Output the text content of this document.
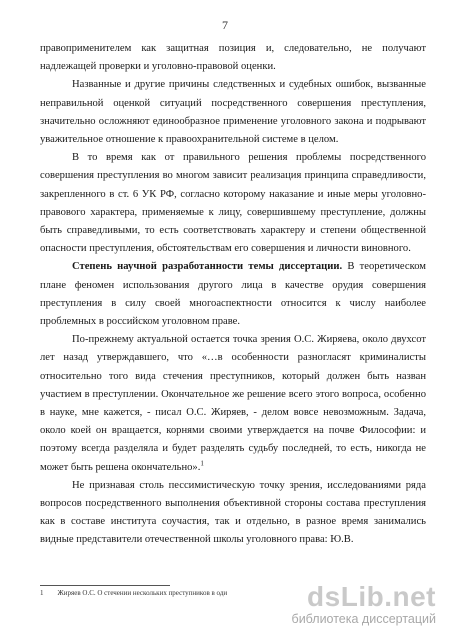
7

правоприменителем как защитная позиция и, следовательно, не получают надлежащей проверки и уголовно-правовой оценки.

Названные и другие причины следственных и судебных ошибок, вызванные неправильной оценкой ситуаций посредственного совершения преступления, значительно осложняют единообразное применение уголовного закона и подрывают уважительное отношение к правоохранительной системе в целом.

В то время как от правильного решения проблемы посредственного совершения преступления во многом зависит реализация принципа справедливости, закрепленного в ст. 6 УК РФ, согласно которому наказание и иные меры уголовно-правового характера, применяемые к лицу, совершившему преступление, должны быть справедливыми, то есть соответствовать характеру и степени общественной опасности преступления, обстоятельствам его совершения и личности виновного.

Степень научной разработанности темы диссертации. В теоретическом плане феномен использования другого лица в качестве орудия совершения преступления в силу своей многоаспектности относится к числу наиболее проблемных в российском уголовном праве.

По-прежнему актуальной остается точка зрения О.С. Жиряева, около двухсот лет назад утверждавшего, что «…в особенности разногласят криминалисты относительно того вида стечения преступников, который должен быть назван участием в преступлении. Окончательное же решение всего этого вопроса, особенно в науке, мне кажется, - писал О.С. Жиряев, - делом вовсе невозможным. Задача, около коей он вращается, корнями своими утверждается на почве Философии: и поэтому всегда разделяла и будет разделять судьбу последней, то есть, никогда не может быть решена окончательно».$^1$

Не признавая столь пессимистическую точку зрения, исследованиями ряда вопросов посредственного выполнения объективной стороны состава преступления как в составе института соучастия, так и отдельно, в разное время занимались видные представители отечественной школы уголовного права: Ю.В.

1 Жиряев О.С. О стечении нескольких преступников в оди	dsLib.net
библиотека диссертаций
